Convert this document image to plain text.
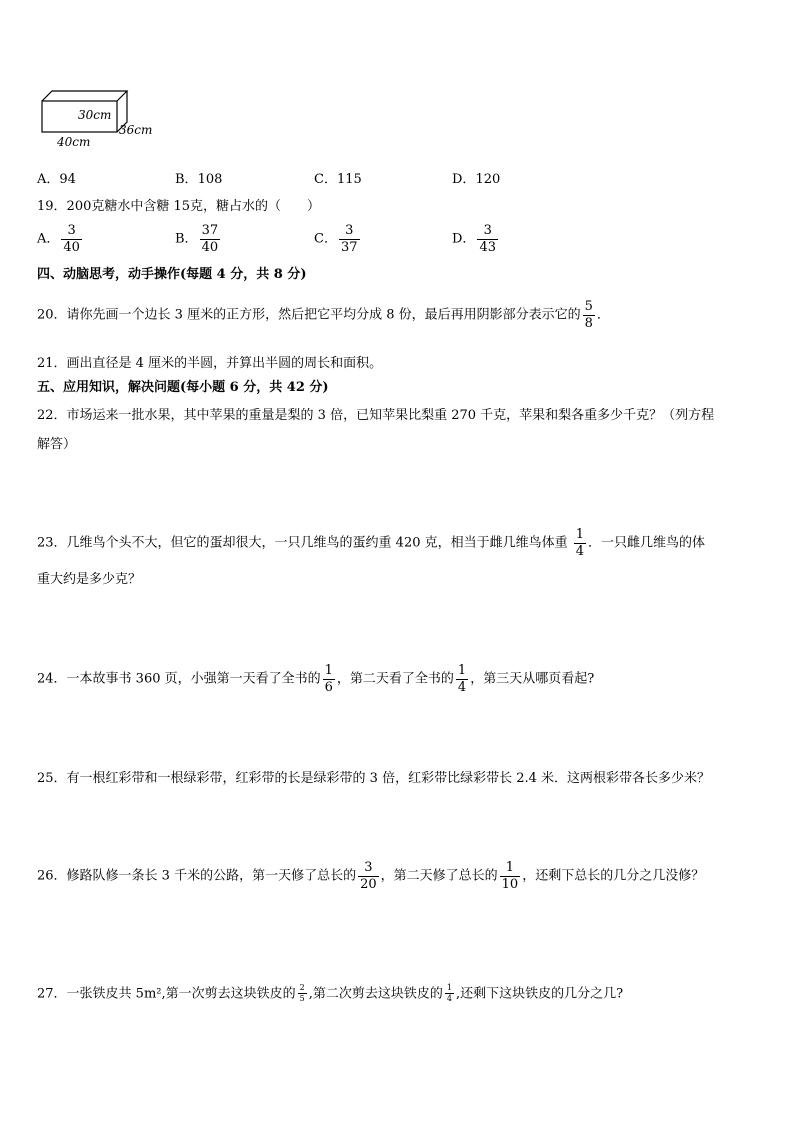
30cm
36cm
40cm
A．94	B．108	C．115	D．120
19．200克糖水中含糖 15克，糖占水的（　　）
A． $\frac{3}{40}$	B． $\frac{37}{40}$	C． $\frac{3}{37}$	D． $\frac{3}{43}$
四、动脑思考，动手操作(每题 4 分，共 8 分)
20．请你先画一个边长 3 厘米的正方形，然后把它平均分成 8 份，最后再用阴影部分表示它的 $\frac{5}{8}$ ．
21．画出直径是 4 厘米的半圆，并算出半圆的周长和面积。
五、应用知识，解决问题(每小题 6 分，共 42 分)
22．市场运来一批水果，其中苹果的重量是梨的 3 倍，已知苹果比梨重 270 千克，苹果和梨各重多少千克？（列方程
解答）
23．几维鸟个头不大，但它的蛋却很大，一只几维鸟的蛋约重 420 克，相当于雌几维鸟体重 $\frac{1}{4}$ ．一只雌几维鸟的体
重大约是多少克？
24．一本故事书 360 页，小强第一天看了全书的 $\frac{1}{6}$ ，第二天看了全书的 $\frac{1}{4}$ ，第三天从哪页看起?
25．有一根红彩带和一根绿彩带，红彩带的长是绿彩带的 3 倍，红彩带比绿彩带长 2.4 米．这两根彩带各长多少米？
26．修路队修一条长 3 千米的公路，第一天修了总长的 $\frac{3}{20}$ ，第二天修了总长的 $\frac{1}{10}$ ，还剩下总长的几分之几没修？
27．一张铁皮共 5m²,第一次剪去这块铁皮的 $\frac{2}{5}$ ,第二次剪去这块铁皮的 $\frac{1}{4}$ ,还剩下这块铁皮的几分之几?
